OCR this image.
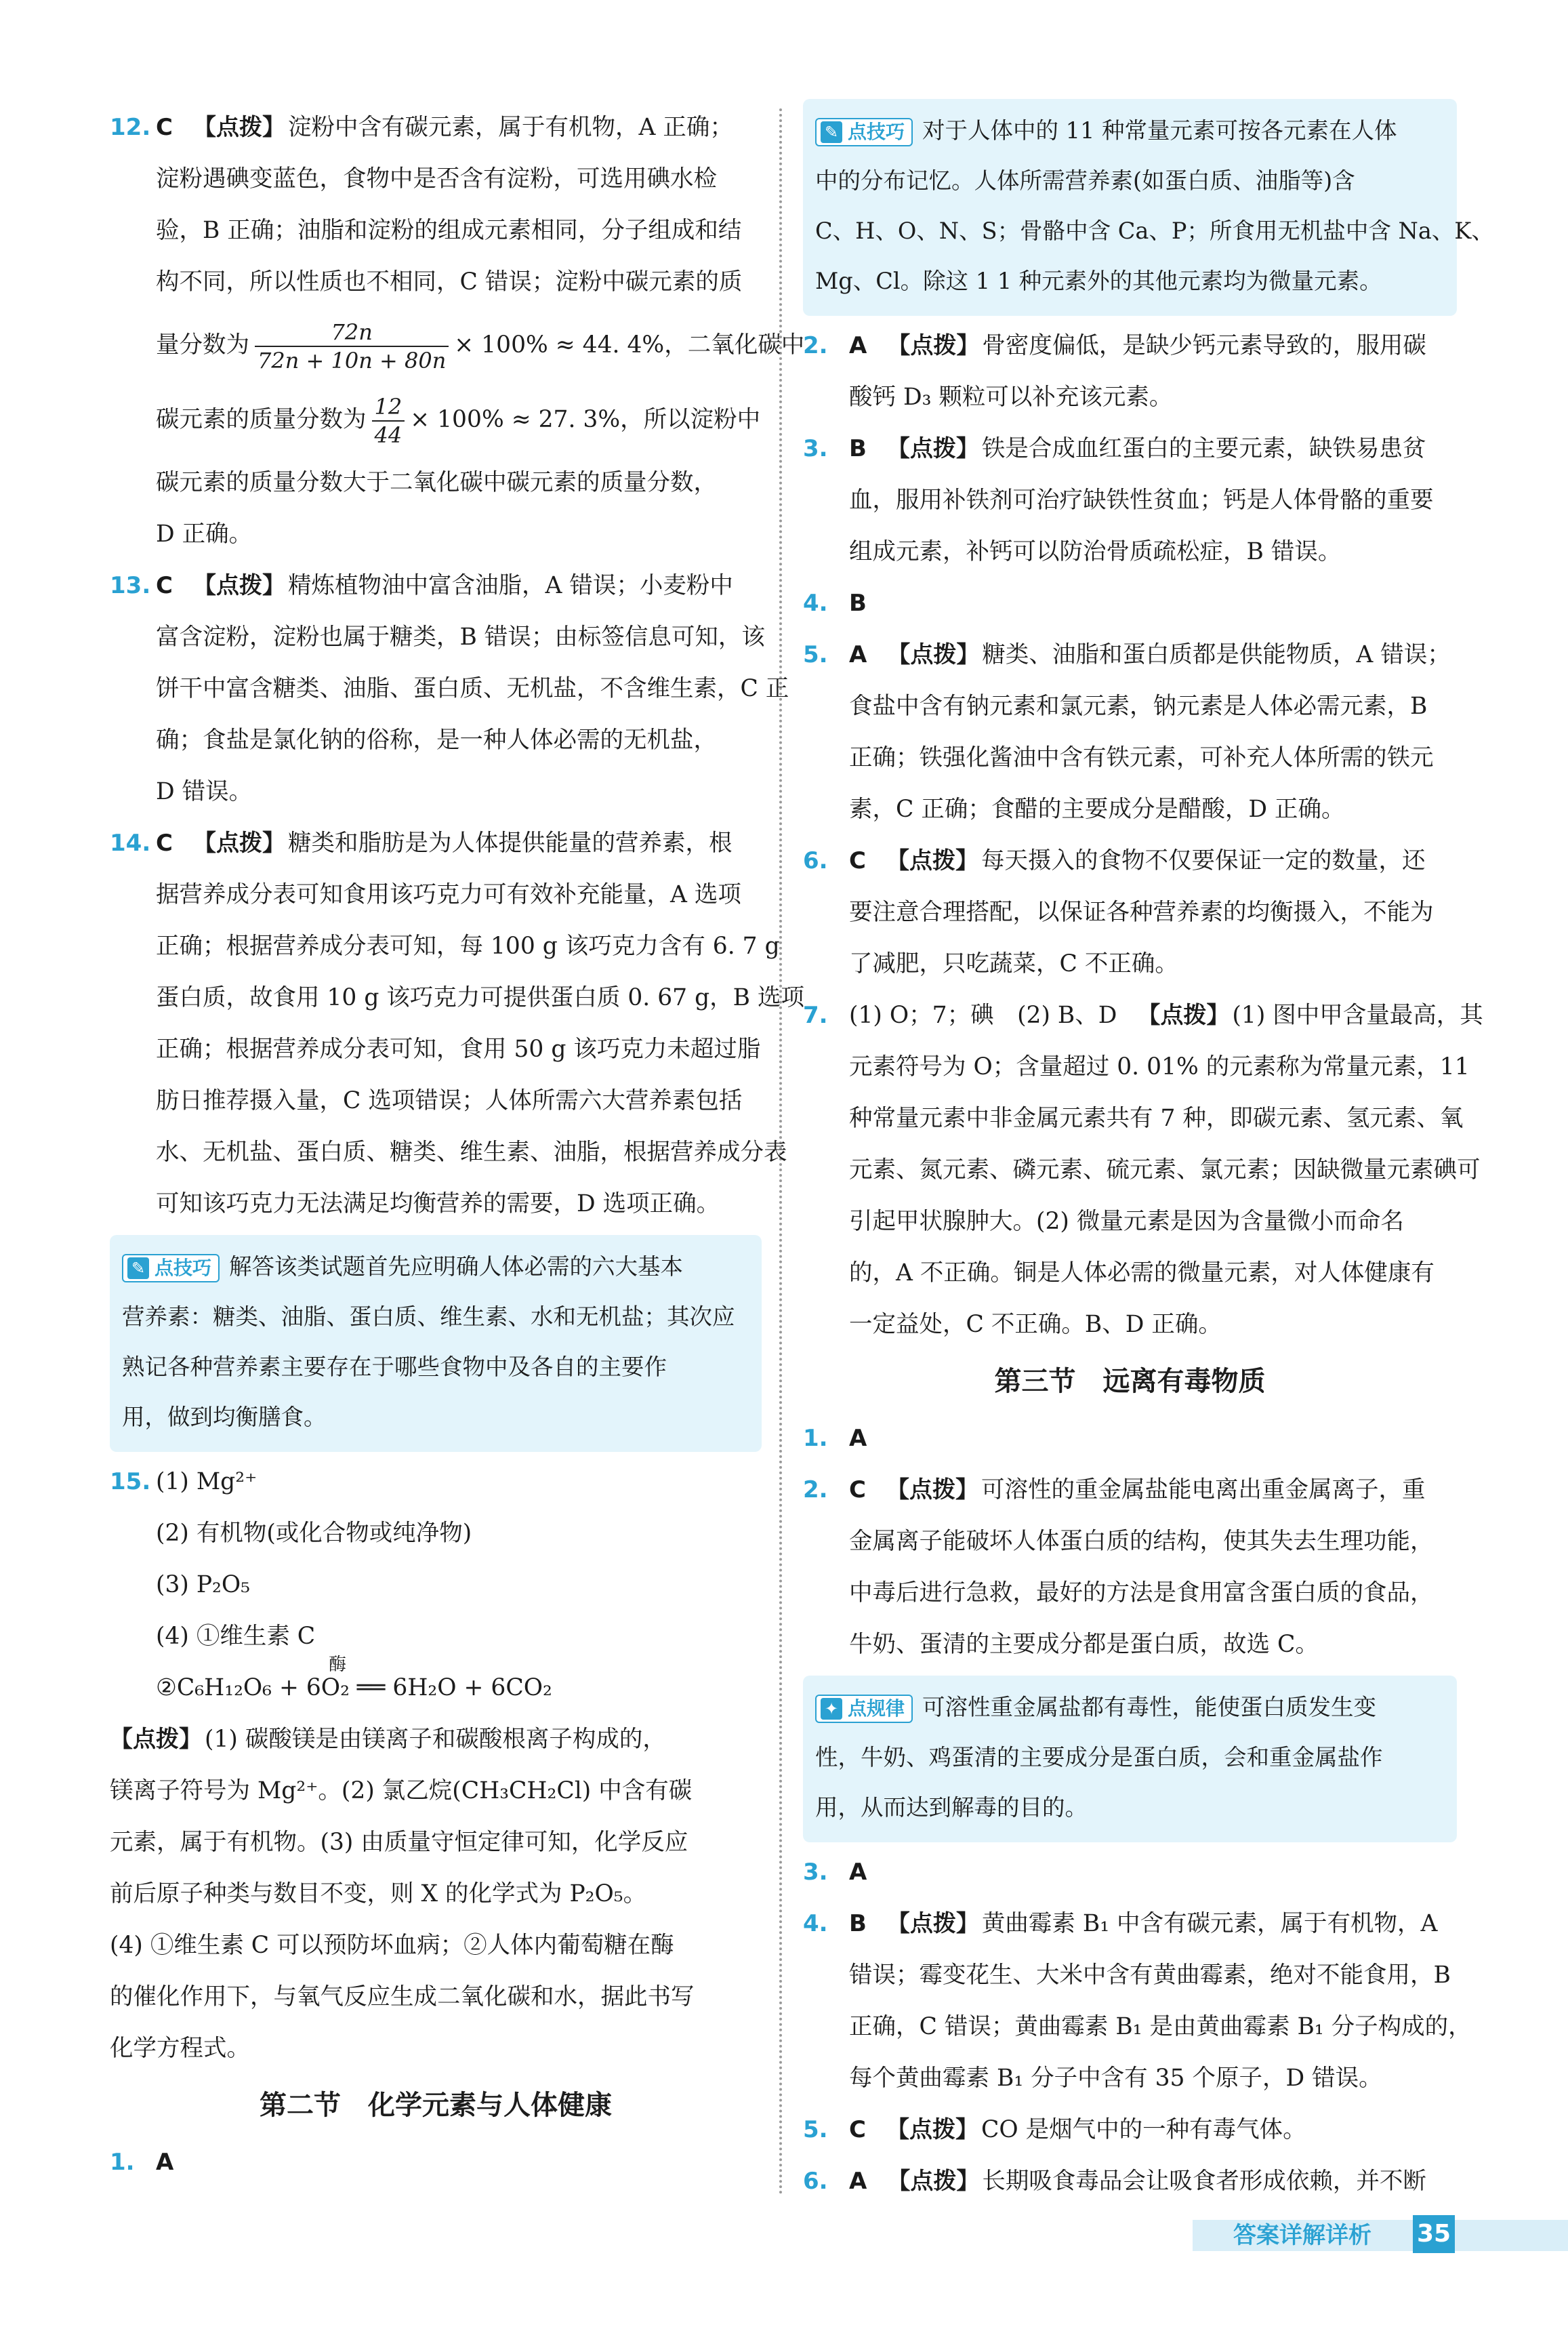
12. C 【点拨】 淀粉中含有碳元素，属于有机物，A 正确；
淀粉遇碘变蓝色，食物中是否含有淀粉，可选用碘水检
验，B 正确；油脂和淀粉的组成元素相同，分子组成和结
构不同，所以性质也不相同，C 错误；淀粉中碳元素的质
量分数为 $\frac{72n}{72n + 10n + 80n} \times 100\% \approx 44$. 4%，二氧化碳中
碳元素的质量分数为 $\frac{12}{44} \times 100\% \approx 27$. 3%，所以淀粉中
碳元素的质量分数大于二氧化碳中碳元素的质量分数，
D 正确。
13. C 【点拨】 精炼植物油中富含油脂，A 错误；小麦粉中
富含淀粉，淀粉也属于糖类，B 错误；由标签信息可知，该
饼干中富含糖类、油脂、蛋白质、无机盐，不含维生素，C 正
确；食盐是氯化钠的俗称，是一种人体必需的无机盐，
D 错误。
14. C 【点拨】 糖类和脂肪是为人体提供能量的营养素，根
据营养成分表可知食用该巧克力可有效补充能量，A 选项
正确；根据营养成分表可知，每 100 g 该巧克力含有 6. 7 g
蛋白质，故食用 10 g 该巧克力可提供蛋白质 0. 67 g，B 选项
正确；根据营养成分表可知，食用 50 g 该巧克力未超过脂
肪日推荐摄入量，C 选项错误；人体所需六大营养素包括
水、无机盐、蛋白质、糖类、维生素、油脂，根据营养成分表
可知该巧克力无法满足均衡营养的需要，D 选项正确。
✎ 点技巧 解答该类试题首先应明确人体必需的六大基本
营养素：糖类、油脂、蛋白质、维生素、水和无机盐；其次应
熟记各种营养素主要存在于哪些食物中及各自的主要作
用，做到均衡膳食。
15. (1) Mg²⁺
(2) 有机物(或化合物或纯净物)
(3) P₂O₅
(4) ①维生素 C
酶
②C₆H₁₂O₆ + 6O₂ ══ 6H₂O + 6CO₂
【点拨】 (1) 碳酸镁是由镁离子和碳酸根离子构成的，
镁离子符号为 Mg²⁺。(2) 氯乙烷(CH₃CH₂Cl) 中含有碳
元素，属于有机物。(3) 由质量守恒定律可知，化学反应
前后原子种类与数目不变，则 X 的化学式为 P₂O₅。
(4) ①维生素 C 可以预防坏血病；②人体内葡萄糖在酶
的催化作用下，与氧气反应生成二氧化碳和水，据此书写
化学方程式。
第二节　化学元素与人体健康
1. A
✎ 点技巧 对于人体中的 11 种常量元素可按各元素在人体
中的分布记忆。人体所需营养素(如蛋白质、油脂等)含
C、H、O、N、S；骨骼中含 Ca、P；所食用无机盐中含 Na、K、
Mg、Cl。除这 1 1 种元素外的其他元素均为微量元素。
2. A 【点拨】 骨密度偏低，是缺少钙元素导致的，服用碳
酸钙 D₃ 颗粒可以补充该元素。
3. B 【点拨】 铁是合成血红蛋白的主要元素，缺铁易患贫
血，服用补铁剂可治疗缺铁性贫血；钙是人体骨骼的重要
组成元素，补钙可以防治骨质疏松症，B 错误。
4. B
5. A 【点拨】 糖类、油脂和蛋白质都是供能物质，A 错误；
食盐中含有钠元素和氯元素，钠元素是人体必需元素，B
正确；铁强化酱油中含有铁元素，可补充人体所需的铁元
素，C 正确；食醋的主要成分是醋酸，D 正确。
6. C 【点拨】 每天摄入的食物不仅要保证一定的数量，还
要注意合理搭配，以保证各种营养素的均衡摄入，不能为
了减肥，只吃蔬菜，C 不正确。
7. (1) O；7；碘　(2) B、D 【点拨】 (1) 图中甲含量最高，其
元素符号为 O；含量超过 0. 01% 的元素称为常量元素，11
种常量元素中非金属元素共有 7 种，即碳元素、氢元素、氧
元素、氮元素、磷元素、硫元素、氯元素；因缺微量元素碘可
引起甲状腺肿大。(2) 微量元素是因为含量微小而命名
的，A 不正确。铜是人体必需的微量元素，对人体健康有
一定益处，C 不正确。B、D 正确。
第三节　远离有毒物质
1. A
2. C 【点拨】 可溶性的重金属盐能电离出重金属离子，重
金属离子能破坏人体蛋白质的结构，使其失去生理功能，
中毒后进行急救，最好的方法是食用富含蛋白质的食品，
牛奶、蛋清的主要成分都是蛋白质，故选 C。
✦ 点规律 可溶性重金属盐都有毒性，能使蛋白质发生变
性，牛奶、鸡蛋清的主要成分是蛋白质，会和重金属盐作
用，从而达到解毒的目的。
3. A
4. B 【点拨】 黄曲霉素 B₁ 中含有碳元素，属于有机物，A
错误；霉变花生、大米中含有黄曲霉素，绝对不能食用，B
正确，C 错误；黄曲霉素 B₁ 是由黄曲霉素 B₁ 分子构成的，
每个黄曲霉素 B₁ 分子中含有 35 个原子，D 错误。
5. C 【点拨】 CO 是烟气中的一种有毒气体。
6. A 【点拨】 长期吸食毒品会让吸食者形成依赖，并不断
答案详解详析 35
